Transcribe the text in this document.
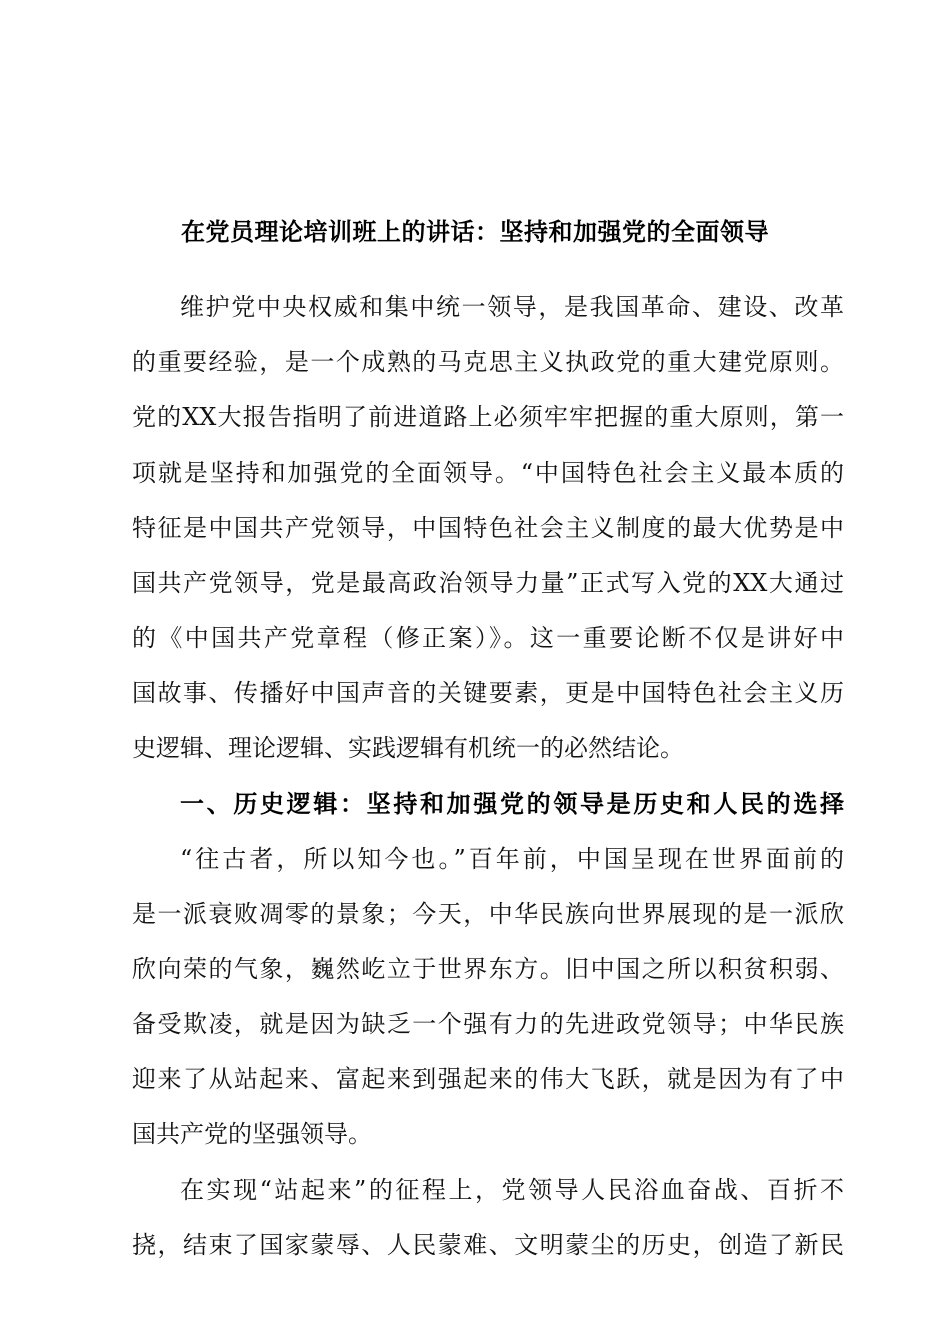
在党员理论培训班上的讲话：坚持和加强党的全面领导
维护党中央权威和集中统一领导，是我国革命、建设、改革
的重要经验，是一个成熟的马克思主义执政党的重大建党原则。
党的XX大报告指明了前进道路上必须牢牢把握的重大原则，第一
项就是坚持和加强党的全面领导。“中国特色社会主义最本质的
特征是中国共产党领导，中国特色社会主义制度的最大优势是中
国共产党领导，党是最高政治领导力量”正式写入党的XX大通过
的《中国共产党章程（修正案）》。这一重要论断不仅是讲好中
国故事、传播好中国声音的关键要素，更是中国特色社会主义历
史逻辑、理论逻辑、实践逻辑有机统一的必然结论。
一、历史逻辑：坚持和加强党的领导是历史和人民的选择
“往古者，所以知今也。”百年前，中国呈现在世界面前的
是一派衰败凋零的景象；今天，中华民族向世界展现的是一派欣
欣向荣的气象，巍然屹立于世界东方。旧中国之所以积贫积弱、
备受欺凌，就是因为缺乏一个强有力的先进政党领导；中华民族
迎来了从站起来、富起来到强起来的伟大飞跃，就是因为有了中
国共产党的坚强领导。
在实现“站起来”的征程上，党领导人民浴血奋战、百折不
挠，结束了国家蒙辱、人民蒙难、文明蒙尘的历史，创造了新民
